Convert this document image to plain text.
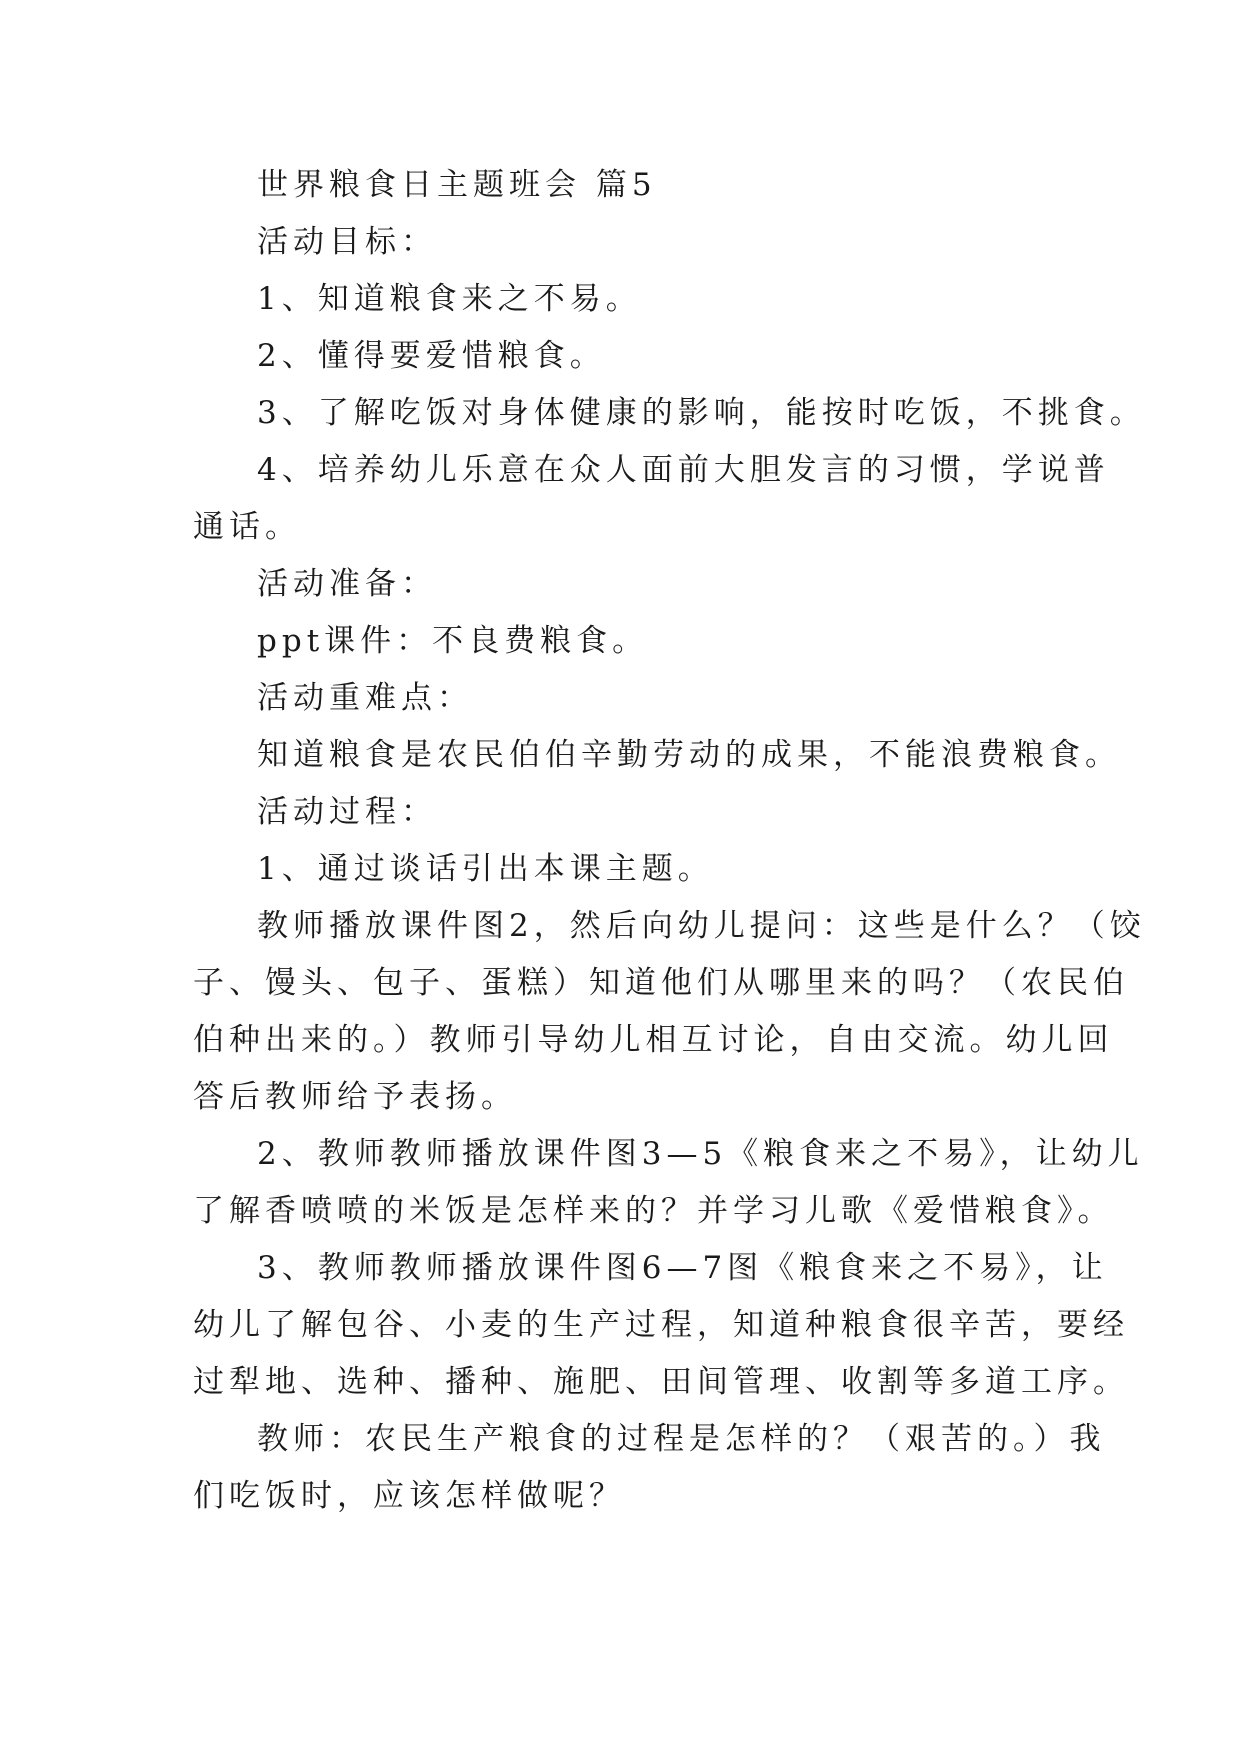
世界粮食日主题班会 篇5
活动目标：
1、知道粮食来之不易。
2、懂得要爱惜粮食。
3、了解吃饭对身体健康的影响，能按时吃饭，不挑食。
4、培养幼儿乐意在众人面前大胆发言的习惯，学说普
通话。
活动准备：
ppt课件：不良费粮食。
活动重难点：
知道粮食是农民伯伯辛勤劳动的成果，不能浪费粮食。
活动过程：
1、通过谈话引出本课主题。
教师播放课件图2，然后向幼儿提问：这些是什么？（饺
子、馒头、包子、蛋糕）知道他们从哪里来的吗？（农民伯
伯种出来的。）教师引导幼儿相互讨论，自由交流。幼儿回
答后教师给予表扬。
2、教师教师播放课件图3—5《粮食来之不易》，让幼儿
了解香喷喷的米饭是怎样来的？并学习儿歌《爱惜粮食》。
3、教师教师播放课件图6—7图《粮食来之不易》，让
幼儿了解包谷、小麦的生产过程，知道种粮食很辛苦，要经
过犁地、选种、播种、施肥、田间管理、收割等多道工序。
教师：农民生产粮食的过程是怎样的？（艰苦的。）我
们吃饭时，应该怎样做呢？
